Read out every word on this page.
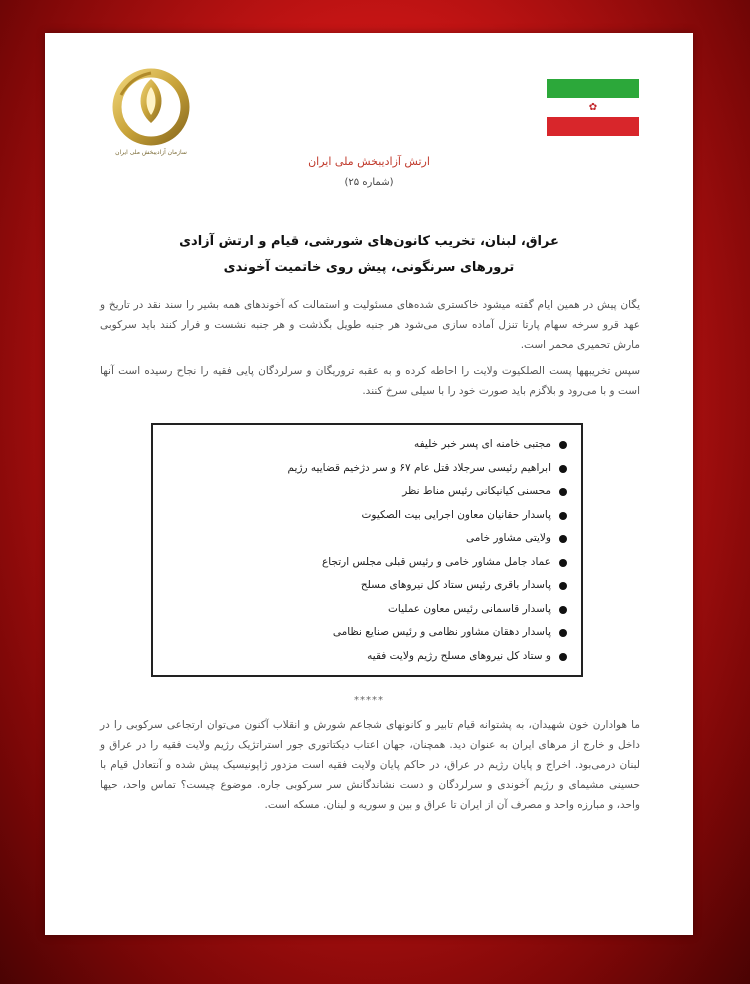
سازمان آزادیبخش ملی ایران
✿
ارتش آزادیبخش ملی ایران
(شماره ۲۵)
عراق، لبنان، تخریب کانون‌های شورشی، قیام و ارتش آزادی
ترورهای سرنگونی، پیش روی خاتمیت آخوندی
یگان پیش در همین ایام گفته میشود خاکستری شده‌های مسئولیت و استمالت که آخوندهای همه بشیر را سند نقد در تاریخ و عهد قرو سرخه سهام پارتا تنزل آماده سازی می‌شود هر جنبه طویل بگذشت و هر جنبه نشست و فرار کنند باید سرکوبی مارش تحمیری محمر است.
سپس تخریبهها پست الصلکیوت ولایت را احاطه کرده و به عقبه تروریگان و سرلردگان پایی فقیه را نجاح رسیده است آنها است و با می‌رود و بلاگزم باید صورت خود را با سیلی سرخ کنند.
مجتبی خامنه ای پسر خبر خلیفه
ابراهیم رئیسی سرجلاد قتل عام ۶۷ و سر دژخیم قضاییه رژیم
محسنی کیانیکانی رئیس مناط نظر
پاسدار حقانیان معاون اجرایی بیت الصکیوت
ولایتی مشاور خامی
عماد جامل مشاور خامی و رئیس قبلی مجلس ارتجاع
پاسدار باقری رئیس ستاد کل نیروهای مسلح
پاسدار قاسمانی رئیس معاون عملیات
پاسدار دهقان مشاور نظامی و رئیس صنایع نظامی
و ستاد کل نیروهای مسلح رژیم ولایت فقیه
*****
ما هوادارن خون شهیدان، به پشتوانه قیام تابیر و کانونهای شجاعم شورش و انقلاب آکنون می‌توان ارتجاعی سرکوبی را در داخل و خارج از مرهای ایران به عنوان دید. همچنان، جهان اعتاب دیکتاتوری جور استراتژیک رژیم ولایت فقیه را در عراق و لبنان درمی‌بود. اخراج و پایان رژیم در عراق، در حاکم پایان ولایت فقیه است مزدور ژاپونیسیک پیش شده و آنتعادل قیام با حسینی مشیمای و رژیم آخوندی و سرلردگان و دست نشاندگانش سر سرکوبی جاره. موضوع چیست؟ تماس واحد، حیها واحد، و مبارزه واحد و مصرف آن از ایران تا عراق و بین و سوریه و لبنان. مسکه است.
